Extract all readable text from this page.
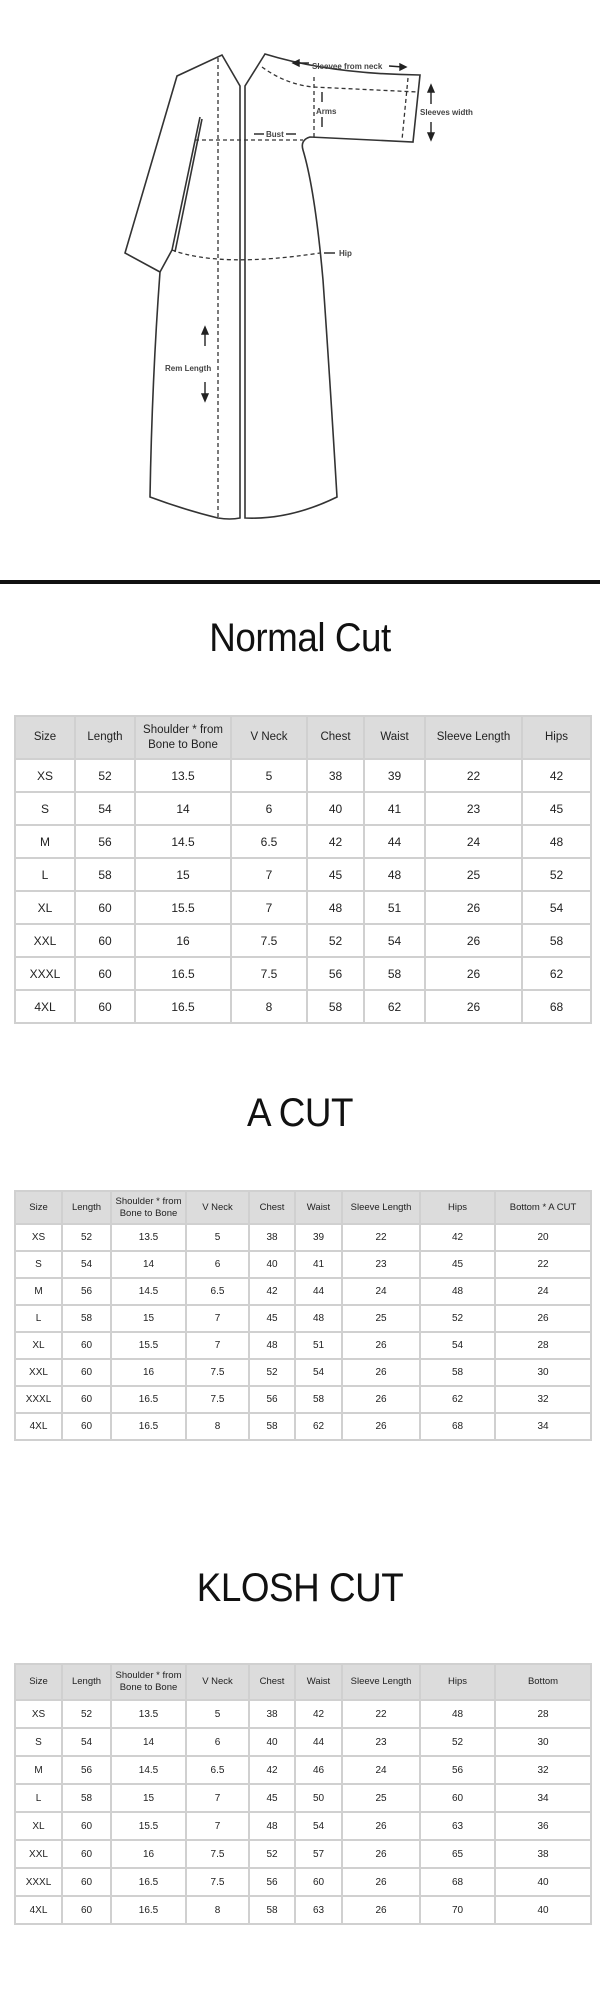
Sleevee from neck
Sleeves width
Arms
Bust
Hip
Rem Length
Normal Cut
Size	Length	Shoulder * from Bone to Bone	V Neck	Chest	Waist	Sleeve Length	Hips
XS	52	13.5	5	38	39	22	42
S	54	14	6	40	41	23	45
M	56	14.5	6.5	42	44	24	48
L	58	15	7	45	48	25	52
XL	60	15.5	7	48	51	26	54
XXL	60	16	7.5	52	54	26	58
XXXL	60	16.5	7.5	56	58	26	62
4XL	60	16.5	8	58	62	26	68
A CUT
Size	Length	Shoulder * from Bone to Bone	V Neck	Chest	Waist	Sleeve Length	Hips	Bottom * A CUT
XS	52	13.5	5	38	39	22	42	20
S	54	14	6	40	41	23	45	22
M	56	14.5	6.5	42	44	24	48	24
L	58	15	7	45	48	25	52	26
XL	60	15.5	7	48	51	26	54	28
XXL	60	16	7.5	52	54	26	58	30
XXXL	60	16.5	7.5	56	58	26	62	32
4XL	60	16.5	8	58	62	26	68	34
KLOSH CUT
Size	Length	Shoulder * from Bone to Bone	V Neck	Chest	Waist	Sleeve Length	Hips	Bottom
XS	52	13.5	5	38	42	22	48	28
S	54	14	6	40	44	23	52	30
M	56	14.5	6.5	42	46	24	56	32
L	58	15	7	45	50	25	60	34
XL	60	15.5	7	48	54	26	63	36
XXL	60	16	7.5	52	57	26	65	38
XXXL	60	16.5	7.5	56	60	26	68	40
4XL	60	16.5	8	58	63	26	70	40
